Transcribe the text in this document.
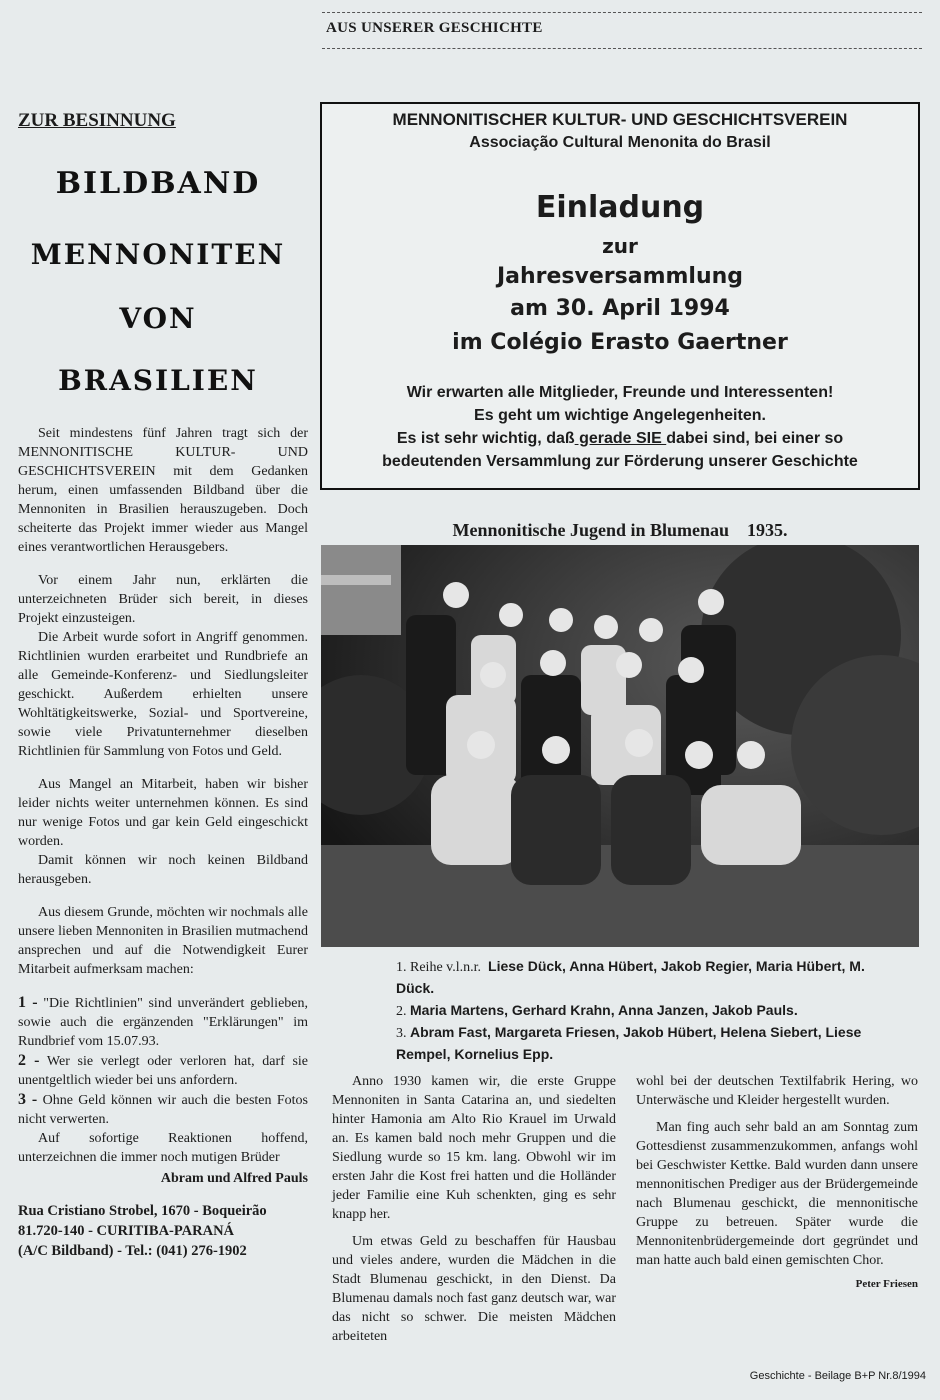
AUS UNSERER GESCHICHTE
ZUR BESINNUNG
BILDBAND
MENNONITEN
VON
BRASILIEN

Seit mindestens fünf Jahren tragt sich der MENNONITISCHE KULTUR- UND GESCHICHTSVEREIN mit dem Gedanken herum, einen umfassenden Bildband über die Mennoniten in Brasilien herauszugeben. Doch scheiterte das Projekt immer wieder aus Mangel eines verantwortlichen Herausgebers.

Vor einem Jahr nun, erklärten die unterzeichneten Brüder sich bereit, in dieses Projekt einzusteigen.

Die Arbeit wurde sofort in Angriff genommen. Richtlinien wurden erarbeitet und Rundbriefe an alle Gemeinde-Konferenz- und Siedlungsleiter geschickt. Außerdem erhielten unsere Wohltätigkeitswerke, Sozial- und Sportvereine, sowie viele Privatunternehmer dieselben Richtlinien für Sammlung von Fotos und Geld.

Aus Mangel an Mitarbeit, haben wir bisher leider nichts weiter unternehmen können. Es sind nur wenige Fotos und gar kein Geld eingeschickt worden.

Damit können wir noch keinen Bildband herausgeben.

Aus diesem Grunde, möchten wir nochmals alle unsere lieben Mennoniten in Brasilien mutmachend ansprechen und auf die Notwendigkeit Eurer Mitarbeit aufmerksam machen:

1 - "Die Richtlinien" sind unverändert geblieben, sowie auch die ergänzenden "Erklärungen" im Rundbrief vom 15.07.93.

2 - Wer sie verlegt oder verloren hat, darf sie unentgeltlich wieder bei uns anfordern.

3 - Ohne Geld können wir auch die besten Fotos nicht verwerten.

Auf sofortige Reaktionen hoffend, unterzeichnen die immer noch mutigen Brüder

Abram und Alfred Pauls
Rua Cristiano Strobel, 1670 - Boqueirão
81.720-140 - CURITIBA-PARANÁ
(A/C Bildband) - Tel.: (041) 276-1902
MENNONITISCHER KULTUR- UND GESCHICHTSVEREIN
Associação Cultural Menonita do Brasil
Einladung
zur
Jahresversammlung
am 30. April 1994
im Colégio Erasto Gaertner
Wir erwarten alle Mitglieder, Freunde und Interessenten!
Es geht um wichtige Angelegenheiten.
Es ist sehr wichtig, daß gerade SIE dabei sind, bei einer so
bedeutenden Versammlung zur Förderung unserer Geschichte
Mennonitische Jugend in Blumenau 1935.
1. Reihe v.l.n.r. Liese Dück, Anna Hübert, Jakob Regier, Maria Hübert, M. Dück.
2. Maria Martens, Gerhard Krahn, Anna Janzen, Jakob Pauls.
3. Abram Fast, Margareta Friesen, Jakob Hübert, Helena Siebert, Liese Rempel, Kornelius Epp.

Anno 1930 kamen wir, die erste Gruppe Mennoniten in Santa Catarina an, und siedelten hinter Hamonia am Alto Rio Krauel im Urwald an. Es kamen bald noch mehr Gruppen und die Siedlung wurde so 15 km. lang. Obwohl wir im ersten Jahr die Kost frei hatten und die Holländer jeder Familie eine Kuh schenkten, ging es sehr knapp her.

Um etwas Geld zu beschaffen für Hausbau und vieles andere, wurden die Mädchen in die Stadt Blumenau geschickt, in den Dienst. Da Blumenau damals noch fast ganz deutsch war, war das nicht so schwer. Die meisten Mädchen arbeiteten

wohl bei der deutschen Textilfabrik Hering, wo Unterwäsche und Kleider hergestellt wurden.

Man fing auch sehr bald an am Sonntag zum Gottesdienst zusammenzukommen, anfangs wohl bei Geschwister Kettke. Bald wurden dann unsere mennonitischen Prediger aus der Brüdergemeinde nach Blumenau geschickt, die mennonitische Gruppe zu betreuen. Später wurde die Mennonitenbrüdergemeinde dort gegründet und man hatte auch bald einen gemischten Chor.

Peter Friesen
Geschichte - Beilage B+P Nr.8/1994
